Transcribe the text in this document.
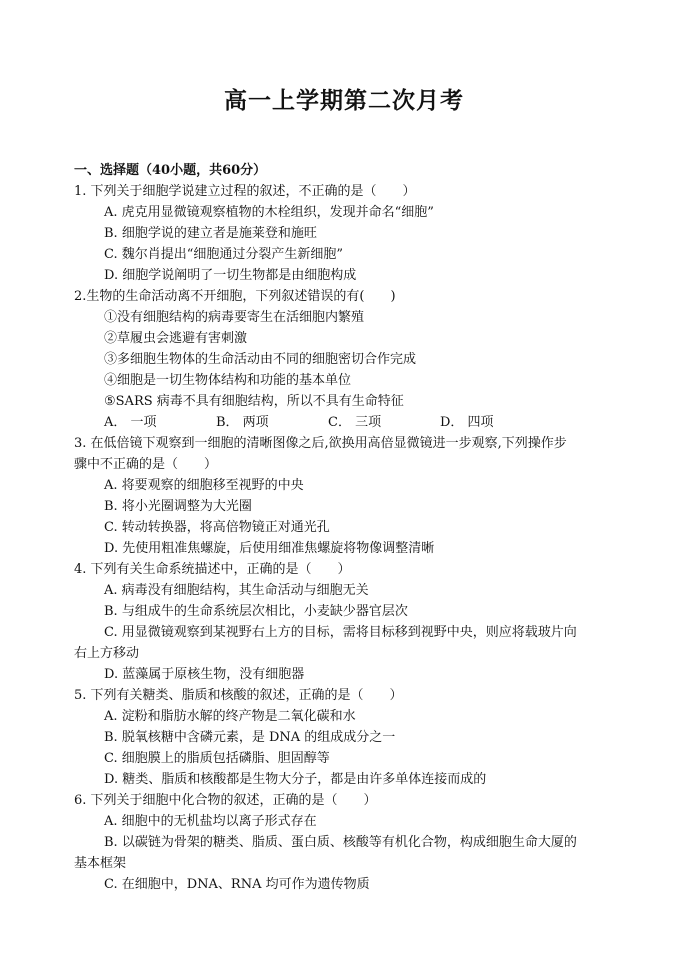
高一上学期第二次月考
一、选择题（40小题，共60分）
1. 下列关于细胞学说建立过程的叙述，不正确的是（　　）
A. 虎克用显微镜观察植物的木栓组织，发现并命名“细胞”
B. 细胞学说的建立者是施莱登和施旺
C. 魏尔肖提出“细胞通过分裂产生新细胞”
D. 细胞学说阐明了一切生物都是由细胞构成
2.生物的生命活动离不开细胞，下列叙述错误的有(　　)
①没有细胞结构的病毒要寄生在活细胞内繁殖
②草履虫会逃避有害刺激
③多细胞生物体的生命活动由不同的细胞密切合作完成
④细胞是一切生物体结构和功能的基本单位
⑤SARS 病毒不具有细胞结构，所以不具有生命特征
A． 一项	B． 两项	C． 三项	D． 四项
3. 在低倍镜下观察到一细胞的清晰图像之后,欲换用高倍显微镜进一步观察,下列操作步
骤中不正确的是（　　）
A. 将要观察的细胞移至视野的中央
B. 将小光圈调整为大光圈
C. 转动转换器，将高倍物镜正对通光孔
D. 先使用粗准焦螺旋，后使用细准焦螺旋将物像调整清晰
4. 下列有关生命系统描述中，正确的是（　　）
A. 病毒没有细胞结构，其生命活动与细胞无关
B. 与组成牛的生命系统层次相比，小麦缺少器官层次
C. 用显微镜观察到某视野右上方的目标，需将目标移到视野中央，则应将载玻片向
右上方移动
D. 蓝藻属于原核生物，没有细胞器
5. 下列有关糖类、脂质和核酸的叙述，正确的是（　　）
A. 淀粉和脂肪水解的终产物是二氧化碳和水
B. 脱氧核糖中含磷元素，是 DNA 的组成成分之一
C. 细胞膜上的脂质包括磷脂、胆固醇等
D. 糖类、脂质和核酸都是生物大分子，都是由许多单体连接而成的
6. 下列关于细胞中化合物的叙述，正确的是（　　）
A. 细胞中的无机盐均以离子形式存在
B. 以碳链为骨架的糖类、脂质、蛋白质、核酸等有机化合物，构成细胞生命大厦的
基本框架
C. 在细胞中，DNA、RNA 均可作为遗传物质
